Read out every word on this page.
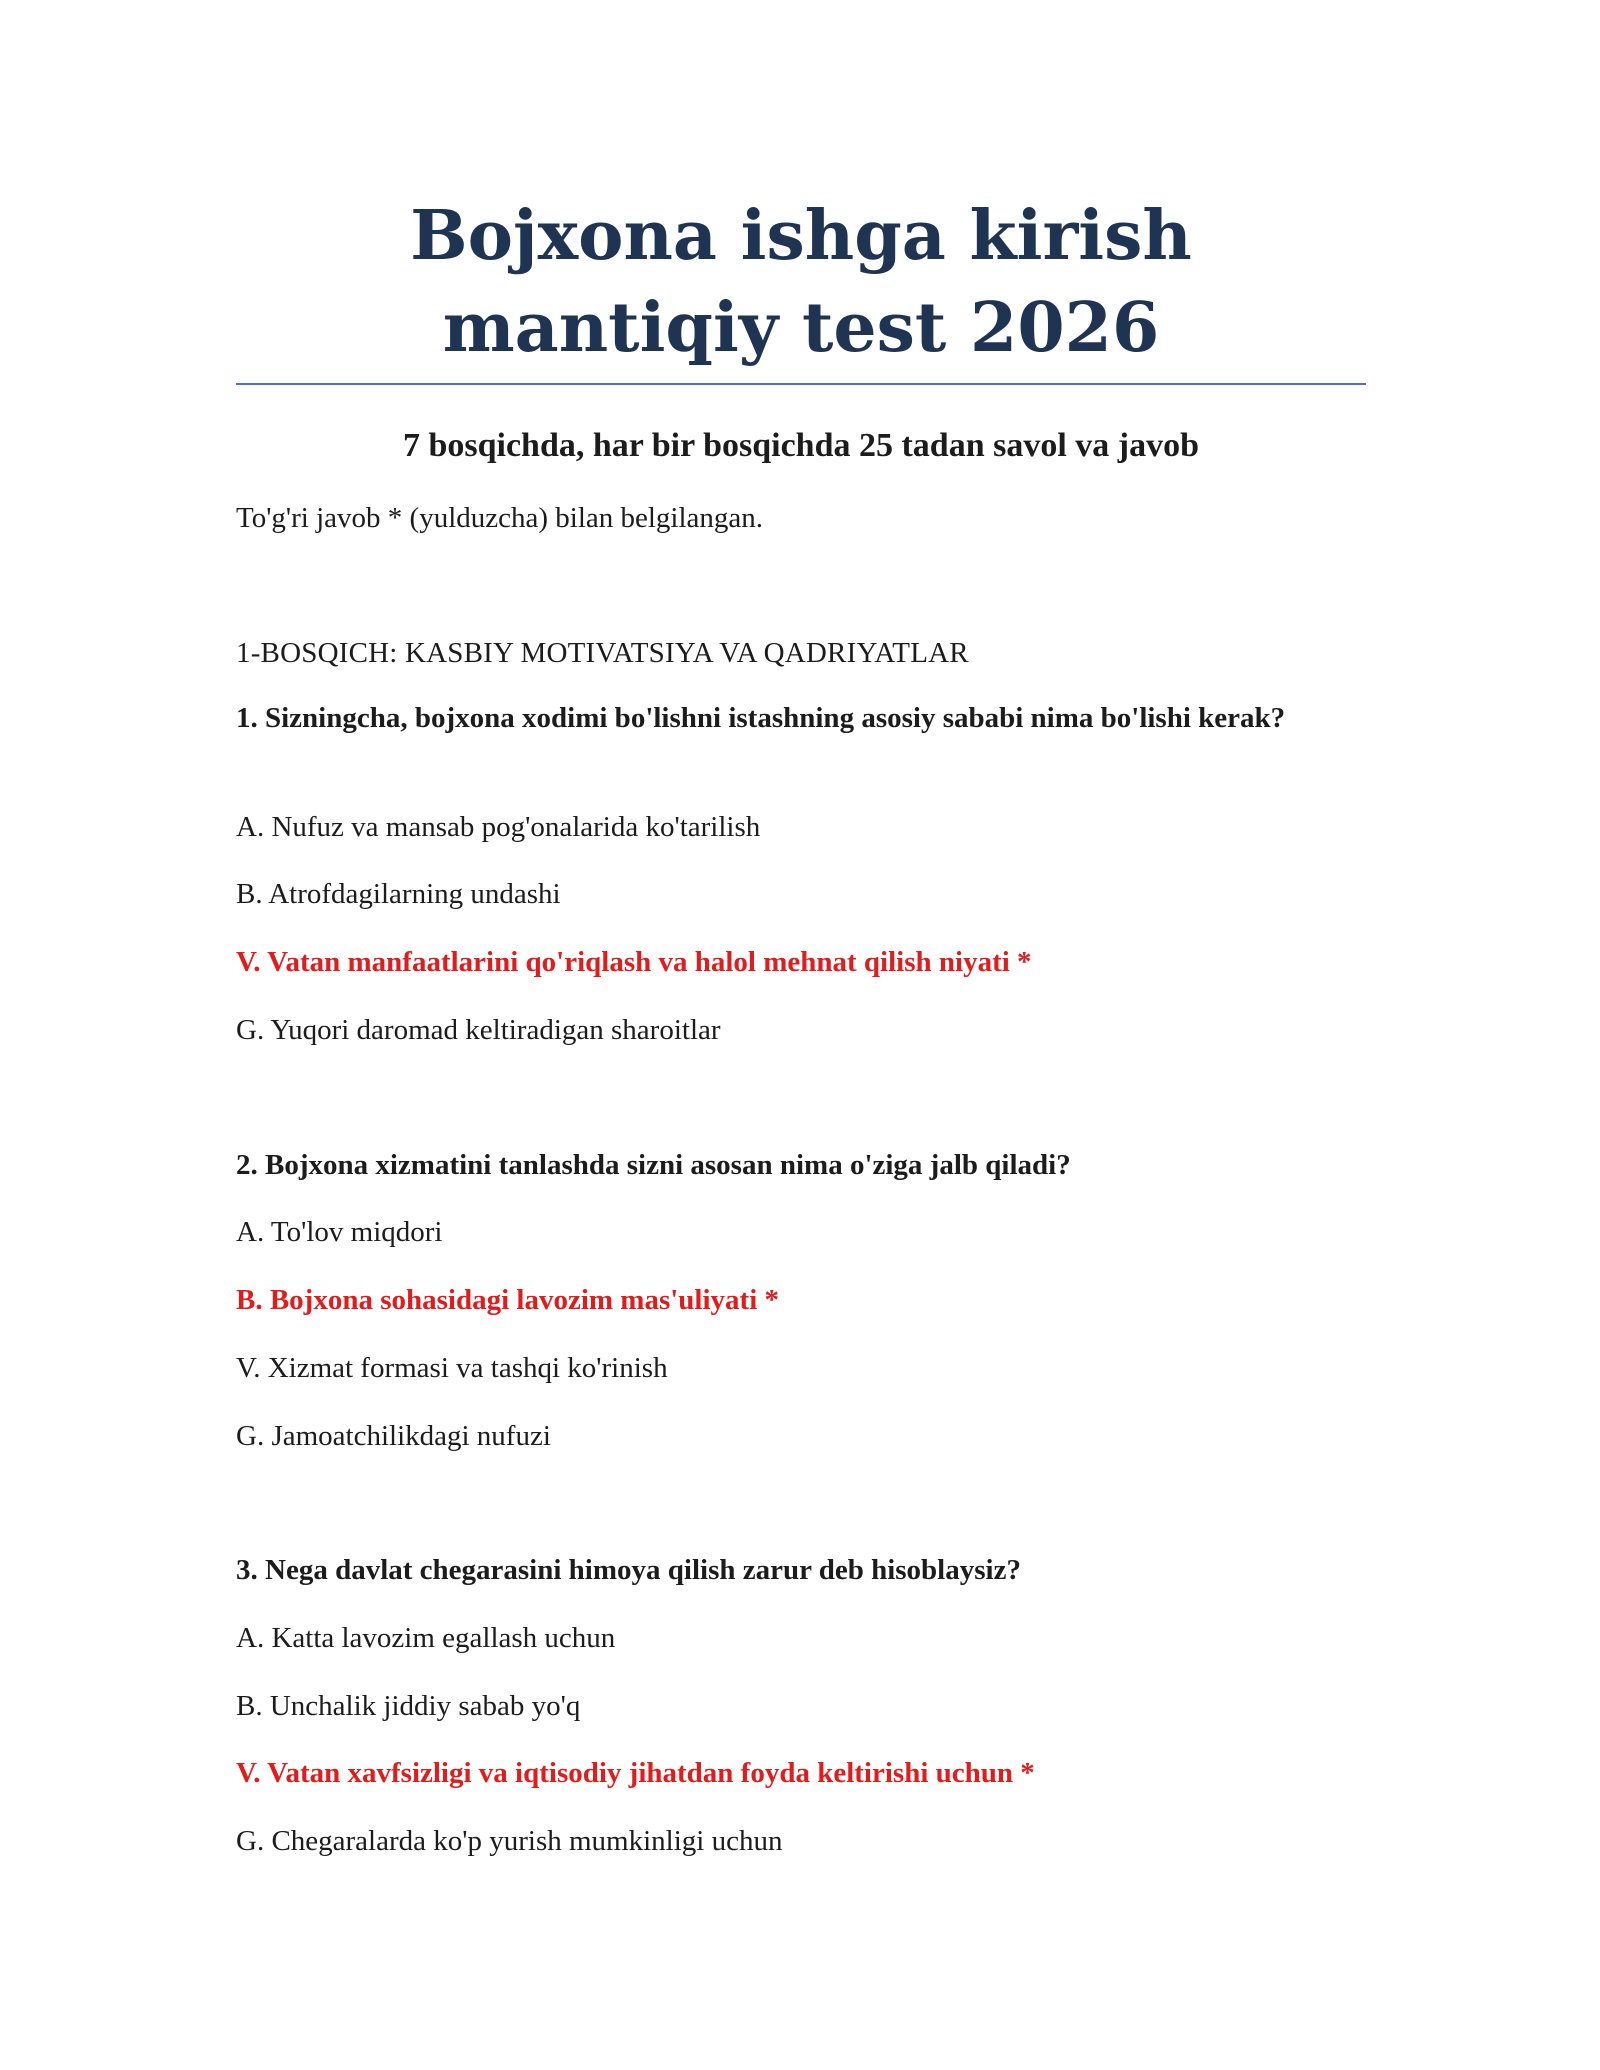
Bojxona ishga kirish mantiqiy test 2026
7 bosqichda, har bir bosqichda 25 tadan savol va javob
To'g'ri javob * (yulduzcha) bilan belgilangan.
1-BOSQICH: KASBIY MOTIVATSIYA VA QADRIYATLAR
1. Sizningcha, bojxona xodimi bo'lishni istashning asosiy sababi nima bo'lishi kerak?
A. Nufuz va mansab pog'onalarida ko'tarilish
B. Atrofdagilarning undashi
V. Vatan manfaatlarini qo'riqlash va halol mehnat qilish niyati *
G. Yuqori daromad keltiradigan sharoitlar
2. Bojxona xizmatini tanlashda sizni asosan nima o'ziga jalb qiladi?
A. To'lov miqdori
B. Bojxona sohasidagi lavozim mas'uliyati *
V. Xizmat formasi va tashqi ko'rinish
G. Jamoatchilikdagi nufuzi
3. Nega davlat chegarasini himoya qilish zarur deb hisoblaysiz?
A. Katta lavozim egallash uchun
B. Unchalik jiddiy sabab yo'q
V. Vatan xavfsizligi va iqtisodiy jihatdan foyda keltirishi uchun *
G. Chegaralarda ko'p yurish mumkinligi uchun
